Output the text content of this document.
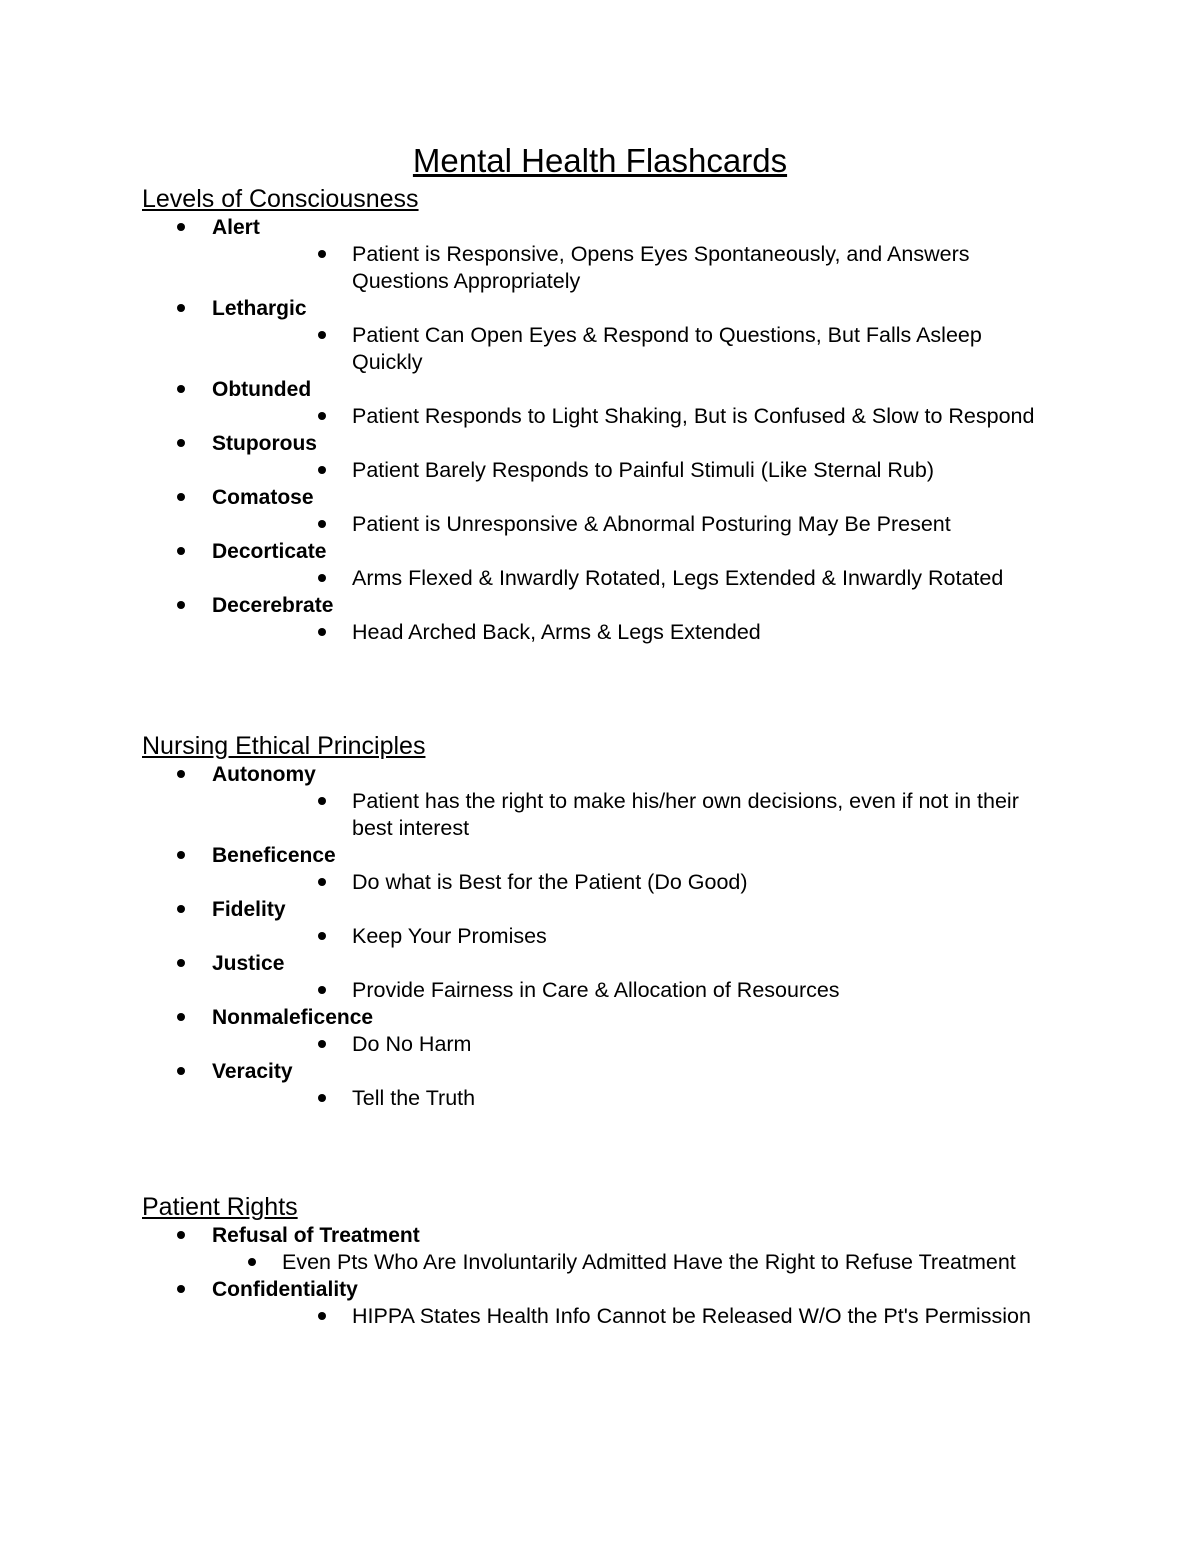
Mental Health Flashcards
Levels of Consciousness
Alert
Patient is Responsive, Opens Eyes Spontaneously, and Answers Questions Appropriately
Lethargic
Patient Can Open Eyes & Respond to Questions, But Falls Asleep Quickly
Obtunded
Patient Responds to Light Shaking, But is Confused & Slow to Respond
Stuporous
Patient Barely Responds to Painful Stimuli (Like Sternal Rub)
Comatose
Patient is Unresponsive & Abnormal Posturing May Be Present
Decorticate
Arms Flexed & Inwardly Rotated, Legs Extended & Inwardly Rotated
Decerebrate
Head Arched Back, Arms & Legs Extended
Nursing Ethical Principles
Autonomy
Patient has the right to make his/her own decisions, even if not in their best interest
Beneficence
Do what is Best for the Patient (Do Good)
Fidelity
Keep Your Promises
Justice
Provide Fairness in Care & Allocation of Resources
Nonmaleficence
Do No Harm
Veracity
Tell the Truth
Patient Rights
Refusal of Treatment
Even Pts Who Are Involuntarily Admitted Have the Right to Refuse Treatment
Confidentiality
HIPPA States Health Info Cannot be Released W/O the Pt's Permission
